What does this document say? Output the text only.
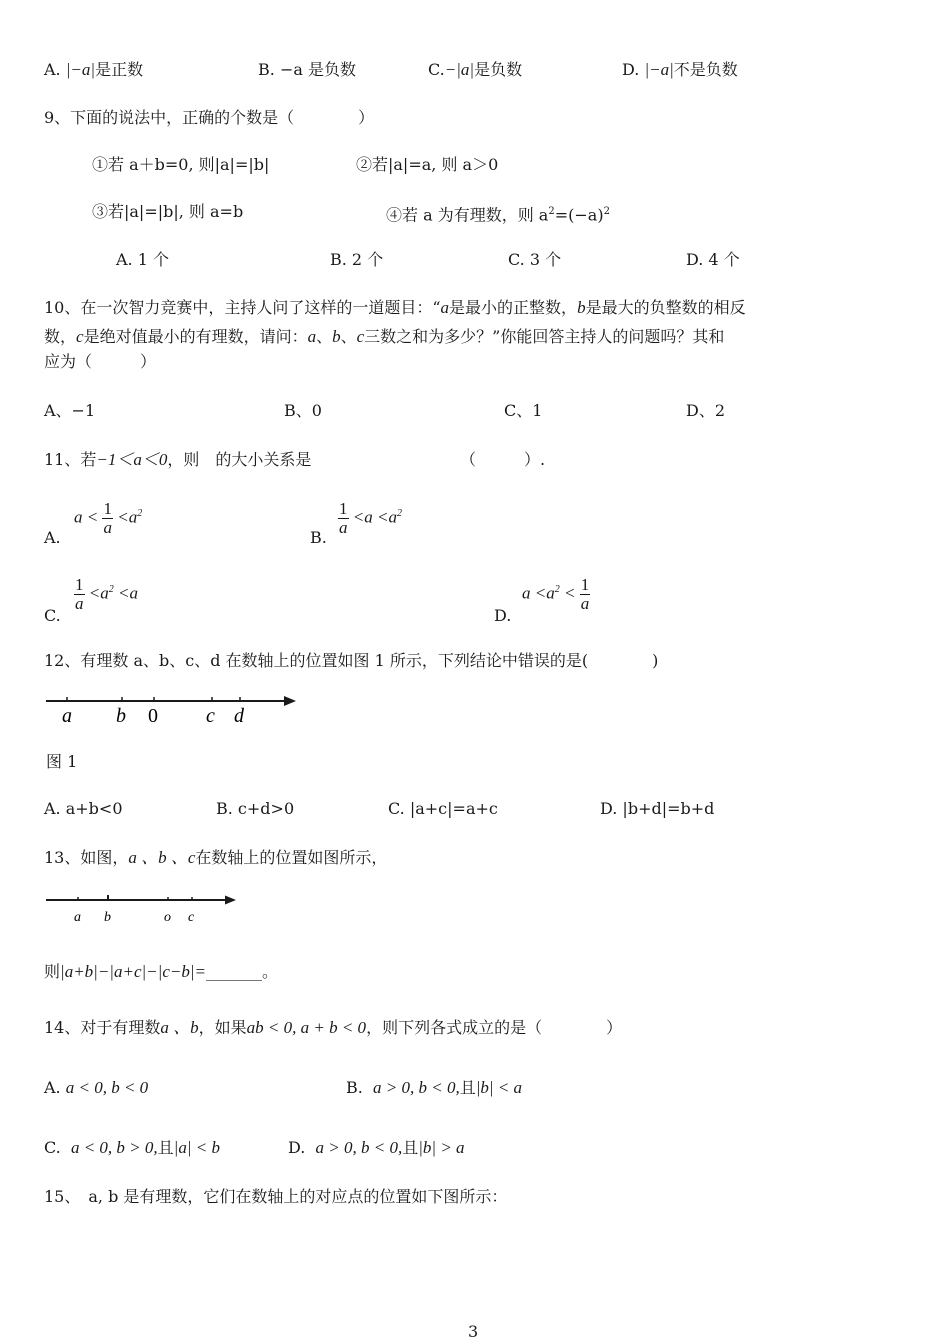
A. |−a|是正数	B. −a 是负数	C.−|a|是负数	D. |−a|不是负数
9、下面的说法中，正确的个数是（　　　　）
①若 a＋b=0, 则|a|=|b|	②若|a|=a, 则 a＞0
③若|a|=|b|, 则 a=b	④若 a 为有理数，则 $a^2=(-a)^2$
A. 1 个	B. 2 个	C. 3 个	D. 4 个
10、在一次智力竞赛中，主持人问了这样的一道题目：“a是最小的正整数，b是最大的负整数的相反
数，c是绝对值最小的有理数，请问：a、b、c三数之和为多少？”你能回答主持人的问题吗？其和
应为（　　　）
A、−1	B、0	C、1	D、2
11、若−1＜a＜0，则　的大小关系是	（　　　）.
A.
$a < \frac{1}{a} <a^2$
B.
$\frac{1}{a} <a <a^2$
C.
$\frac{1}{a} <a^2 <a$
D.
$a <a^2 < \frac{1}{a}$
12、有理数 a、b、c、d 在数轴上的位置如图 1 所示，下列结论中错误的是(　　　　)
a b 0 c d
图 1
A. a+b<0	B. c+d>0	C. |a+c|=a+c	D. |b+d|=b+d
13、如图，a 、b 、c在数轴上的位置如图所示，
a b	o c
则|a+b|−|a+c|−|c−b|=_______。
14、对于有理数a 、b，如果ab < 0, a + b < 0，则下列各式成立的是（　　　　）
A. a < 0, b < 0	B. a > 0, b < 0,且|b| < a
C. a < 0, b > 0,且|a| < b	D. a > 0, b < 0,且|b| > a
15、　a, b 是有理数，它们在数轴上的对应点的位置如下图所示：
3
